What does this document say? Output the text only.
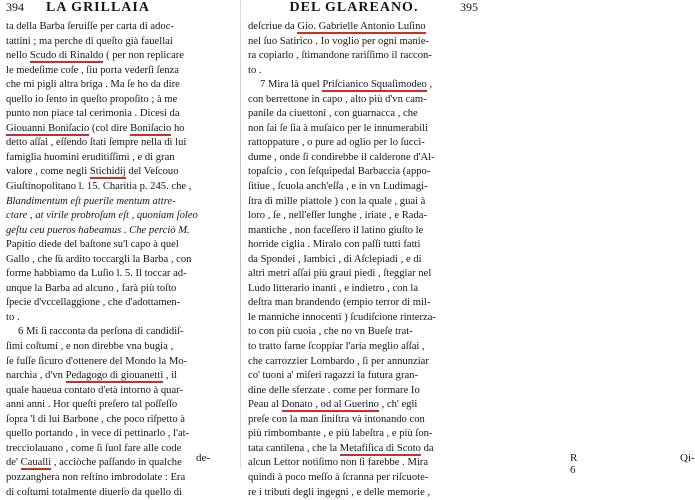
394 LA GRILLAIA
ta della Barba ſeruiſſe per carta di adoc-
tattini ; ma perche di queſto già fauellai
nello Scudo di Rinaldo ( per non replicare
le medeſime coſe , ſiu porta vederſi ſenza
che mi pigli altra briga . Ma ſe ho da dire
quello io ſento in queſto propoſito ; à me
punto non piace tal cerimonia . Dicesi da
Giouanni Boniſacio (col dire Boniſacio ho
detto aſſai , eſſendo ſtati ſempre nella di lui
famiglia huomini eruditiſſimi , e di gran
valore , come negli Stichidij del Veſcouo
Giuſtinopolitano l. 15. Charitia p. 245. che ,
Blandimentum eſt puerile mentum attre-
ctare , at virile probroſum eſt , quoniam ſoleo
geſtu ceu pueros habeamus . Che perciò M.
Papitio diede del baſtone su'l capo à quel
Gallo , che ſù ardito toccargli la Barba , con
forme habbiamo da Luſio l. 5. Il toccar ad-
unque la Barba ad alcuno , farà più toſto
ſpecie d'vccellaggione , che d'adottamen-
to .
6 Mi ſi racconta da perſona di candidiſ-
ſimi coſtumi , e non direbbe vna bugia ,
ſe fuſſe ſicuro d'ottenere del Mondo la Mo-
narchia , d'vn Pedagogo di giouanetti , il
quale haueua contato d'età intorno à quar-
anni anni . Hor queſti preſero tal poſſeſſo
ſopra 'l di lui Barbone , che poco riſpetto à
quello portando , in vece di pettinarlo , l'at-
treccìolauano , come ſi ſuol fare alle code
de' Caualli , acciòche paſſando in qualche
pozzanghera non reſtino imbrodolate : Era
di coſtumi totalmente diuerſo da quello di
de-
DEL GLAREANO.	395
deſcriue da Gio. Gabrielle Antonio Luſino
nel ſuo Satirico . Io voglio per ogni manie-
ra copiarlo , ſtimandone rariſſimo il raccon-
to .
7 Mira là quel Priſcianico Squaſimodeo ,
con berrettone in capo , alto più d'vn cam-
panile da ciuettoni , con guarnacca , che
non ſai ſe ſia à muſaico per le innumerabili
rattoppature , o pure ad oglio per lo ſucci-
dume , onde ſi condirebbe il calderone d'Al-
topaſcio , con ſeſquipedal Barbaccia (appo-
ſitiue , ſcuola anch'eſſa , e in vn Ludimagi-
ſtra di mille piattole ) con la quale , guai à
loro , ſe , nell'eſſer lunghe , iriate , e Rada-
mantiche , non faceſſero il latino giuſto le
horride ciglia . Miralo con paſſi tutti fatti
da Spondei , Iambici , di Aſclepiadi , e di
altri metri aſſai più graui piedi , ſteggiar nel
Ludo litterario inanti , e indietro , con la
deſtra man brandendo (empio terror di mil-
le manniche innocenti ) ſcudiſcione rinterza-
to con più cuoia , che no vn Bueſe trat-
to tratto farne ſcoppiar l'aria meglio aſſai ,
che carrozzier Lombardo , ſì per annunziar
co' tuoni a' miſeri ragazzi la futura gran-
dine delle sferzate . come per formare Io
Peau al Donato , od al Guerino , ch' egli
preſe con la man ſiniſtra và intonando con
più rimbombante , e più labeſtra , e più ſon-
tata cantilena , che la Metafiſica di Scoto da
alcun Lettor notiſimo non ſi farebbe . Mira
quindi à poco meſſo à ſcranna per riſcuote-
re i tributi degli ingegni , e delle memorie ,
R 6
Qi-
